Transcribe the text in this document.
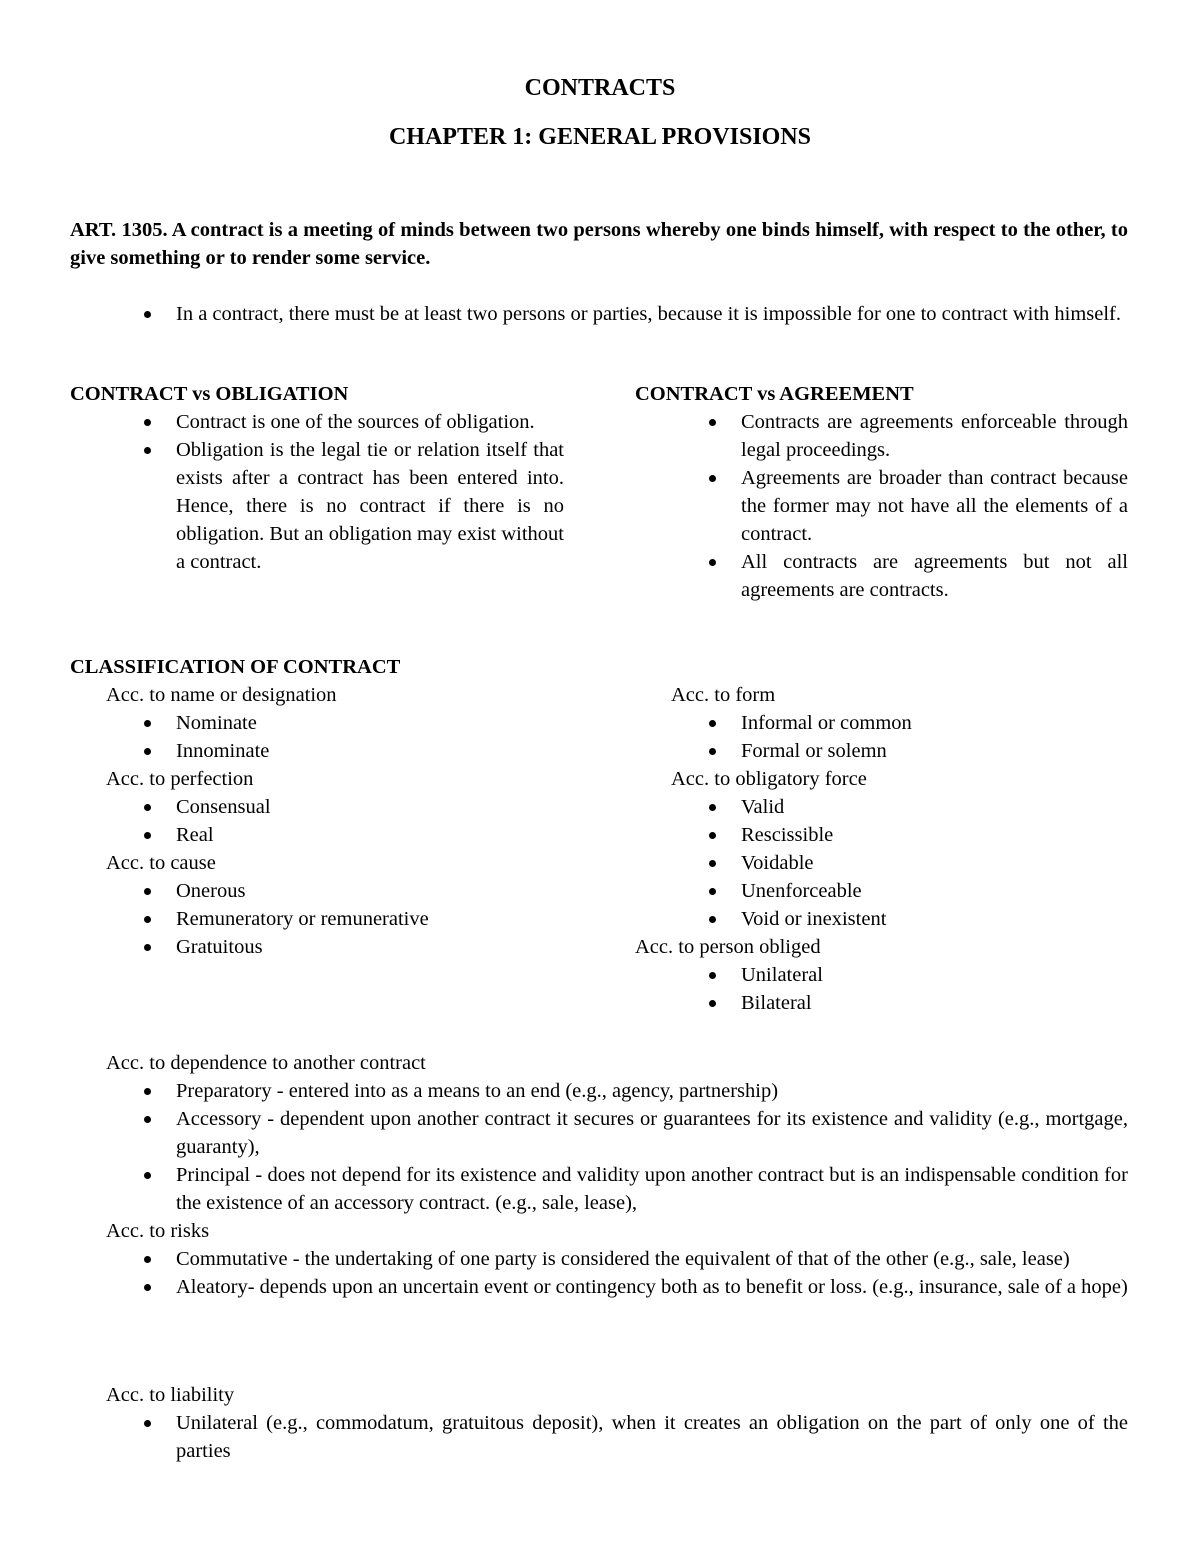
CONTRACTS
CHAPTER 1: GENERAL PROVISIONS

ART. 1305. A contract is a meeting of minds between two persons whereby one binds himself, with respect to the other, to give something or to render some service.

In a contract, there must be at least two persons or parties, because it is impossible for one to contract with himself.
CONTRACT vs OBLIGATION
Contract is one of the sources of obligation.
Obligation is the legal tie or relation itself that exists after a contract has been entered into. Hence, there is no contract if there is no obligation. But an obligation may exist without a contract.
CONTRACT vs AGREEMENT
Contracts are agreements enforceable through legal proceedings.
Agreements are broader than contract because the former may not have all the elements of a contract.
All contracts are agreements but not all agreements are contracts.
CLASSIFICATION OF CONTRACT
Acc. to name or designation
Nominate
Innominate
Acc. to perfection
Consensual
Real
Acc. to cause
Onerous
Remuneratory or remunerative
Gratuitous
Acc. to form
Informal or common
Formal or solemn
Acc. to obligatory force
Valid
Rescissible
Voidable
Unenforceable
Void or inexistent
Acc. to person obliged
Unilateral
Bilateral
Acc. to dependence to another contract
Preparatory - entered into as a means to an end (e.g., agency, partnership)
Accessory - dependent upon another contract it secures or guarantees for its existence and validity (e.g., mortgage, guaranty),
Principal - does not depend for its existence and validity upon another contract but is an indispensable condition for the existence of an accessory contract. (e.g., sale, lease),
Acc. to risks
Commutative - the undertaking of one party is considered the equivalent of that of the other (e.g., sale, lease)
Aleatory- depends upon an uncertain event or contingency both as to benefit or loss. (e.g., insurance, sale of a hope)
Acc. to liability
Unilateral (e.g., commodatum, gratuitous deposit), when it creates an obligation on the part of only one of the parties
